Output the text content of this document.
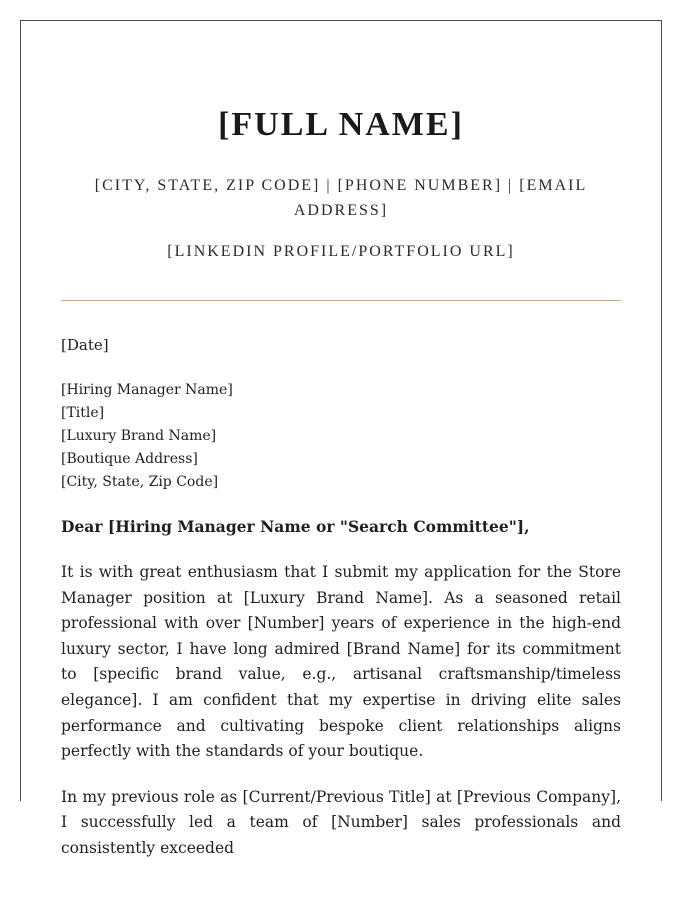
[FULL NAME]
[CITY, STATE, ZIP CODE] | [PHONE NUMBER] | [EMAIL ADDRESS]
[LINKEDIN PROFILE/PORTFOLIO URL]
[Date]
[Hiring Manager Name]
[Title]
[Luxury Brand Name]
[Boutique Address]
[City, State, Zip Code]
Dear [Hiring Manager Name or "Search Committee"],
It is with great enthusiasm that I submit my application for the Store Manager position at [Luxury Brand Name]. As a seasoned retail professional with over [Number] years of experience in the high-end luxury sector, I have long admired [Brand Name] for its commitment to [specific brand value, e.g., artisanal craftsmanship/timeless elegance]. I am confident that my expertise in driving elite sales performance and cultivating bespoke client relationships aligns perfectly with the standards of your boutique.
In my previous role as [Current/Previous Title] at [Previous Company], I successfully led a team of [Number] sales professionals and consistently exceeded
